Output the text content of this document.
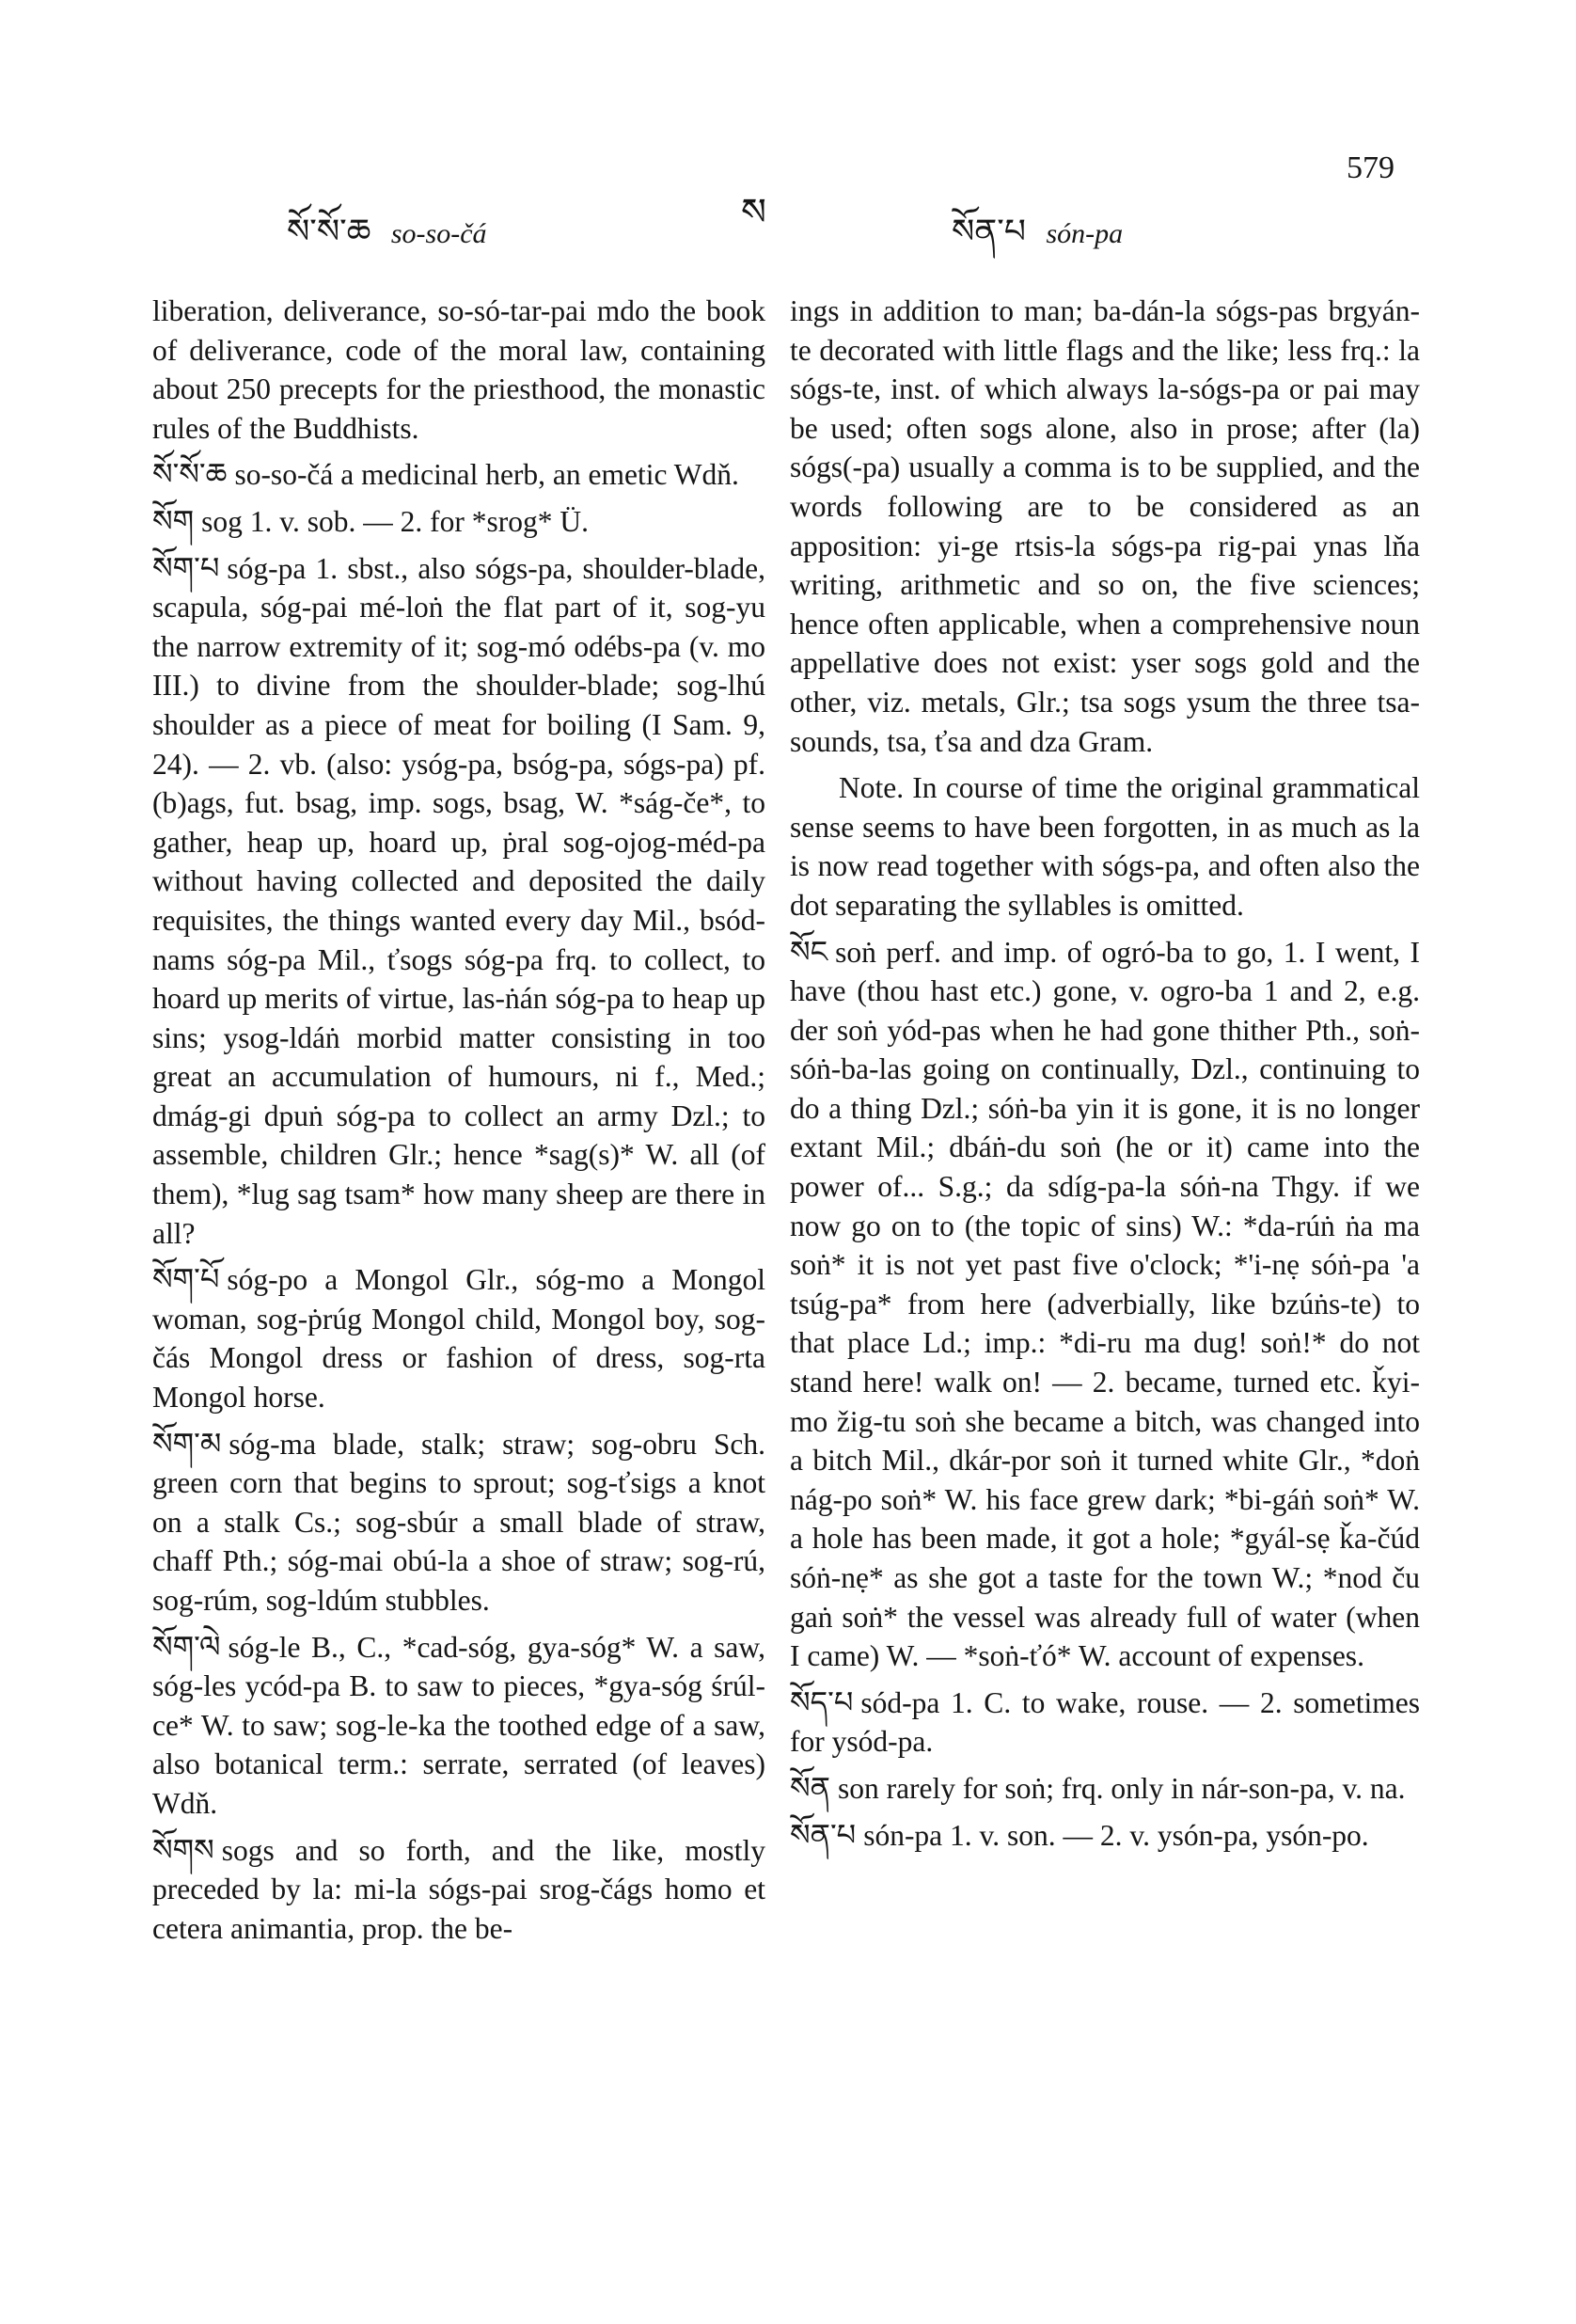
སོ་སོ་ཆ so-so-čá	ས	སོན་པ són-pa
579

liberation, deliverance, so-só-tar-pai mdo the book of deliverance, code of the moral law, containing about 250 precepts for the priesthood, the monastic rules of the Buddhists.

སོ་སོ་ཆ so-so-čá a medicinal herb, an emetic Wdň.

སོག sog 1. v. sob. — 2. for *srog* Ü.

སོག་པ sóg-pa 1. sbst., also sógs-pa, shoulder-blade, scapula, sóg-pai mé-loṅ the flat part of it, sog-yu the narrow extremity of it; sog-mó odébs-pa (v. mo III.) to divine from the shoulder-blade; sog-lhú shoulder as a piece of meat for boiling (I Sam. 9, 24). — 2. vb. (also: ysóg-pa, bsóg-pa, sógs-pa) pf. (b)ags, fut. bsag, imp. sogs, bsag, W. *ság-če*, to gather, heap up, hoard up, ṗral sog-ojog-méd-pa without having collected and deposited the daily requisites, the things wanted every day Mil., bsód-nams sóg-pa Mil., ťsogs sóg-pa frq. to collect, to hoard up merits of virtue, las-ṅán sóg-pa to heap up sins; ysog-ldáṅ morbid matter consisting in too great an accumulation of humours, ni f., Med.; dmág-gi dpuṅ sóg-pa to collect an army Dzl.; to assemble, children Glr.; hence *sag(s)* W. all (of them), *lug sag tsam* how many sheep are there in all?

སོག་པོ sóg-po a Mongol Glr., sóg-mo a Mongol woman, sog-ṗrúg Mongol child, Mongol boy, sog-čás Mongol dress or fashion of dress, sog-rta Mongol horse.

སོག་མ sóg-ma blade, stalk; straw; sog-obru Sch. green corn that begins to sprout; sog-ťsigs a knot on a stalk Cs.; sog-sbúr a small blade of straw, chaff Pth.; sóg-mai obú-la a shoe of straw; sog-rú, sog-rúm, sog-ldúm stubbles.

སོག་ལེ sóg-le B., C., *cad-sóg, gya-sóg* W. a saw, sóg-les ycód-pa B. to saw to pieces, *gya-sóg śrúl-ce* W. to saw; sog-le-ka the toothed edge of a saw, also botanical term.: serrate, serrated (of leaves) Wdň.

སོགས sogs and so forth, and the like, mostly preceded by la: mi-la sógs-pai srog-čágs homo et cetera animantia, prop. the be-

ings in addition to man; ba-dán-la sógs-pas brgyán-te decorated with little flags and the like; less frq.: la sógs-te, inst. of which always la-sógs-pa or pai may be used; often sogs alone, also in prose; after (la) sógs(-pa) usually a comma is to be supplied, and the words following are to be considered as an apposition: yi-ge rtsis-la sógs-pa rig-pai ynas lňa writing, arithmetic and so on, the five sciences; hence often applicable, when a comprehensive noun appellative does not exist: yser sogs gold and the other, viz. metals, Glr.; tsa sogs ysum the three tsa-sounds, tsa, ťsa and dza Gram.

Note. In course of time the original grammatical sense seems to have been forgotten, in as much as la is now read together with sógs-pa, and often also the dot separating the syllables is omitted.

སོང soṅ perf. and imp. of ogró-ba to go, 1. I went, I have (thou hast etc.) gone, v. ogro-ba 1 and 2, e.g. der soṅ yód-pas when he had gone thither Pth., soṅ-sóṅ-ba-las going on continually, Dzl., continuing to do a thing Dzl.; sóṅ-ba yin it is gone, it is no longer extant Mil.; dbáṅ-du soṅ (he or it) came into the power of... S.g.; da sdíg-pa-la sóṅ-na Thgy. if we now go on to (the topic of sins) W.: *da-rúṅ ṅa ma soṅ* it is not yet past five o'clock; *'i-nẹ sóṅ-pa 'a tsúg-pa* from here (adverbially, like bzúṅs-te) to that place Ld.; imp.: *di-ru ma dug! soṅ!* do not stand here! walk on! — 2. became, turned etc. ǩyi-mo žig-tu soṅ she became a bitch, was changed into a bitch Mil., dkár-por soṅ it turned white Glr., *doṅ nág-po soṅ* W. his face grew dark; *bi-gáṅ soṅ* W. a hole has been made, it got a hole; *gyál-sẹ ǩa-čúd sóṅ-nẹ* as she got a taste for the town W.; *nod ču gaṅ soṅ* the vessel was already full of water (when I came) W. — *soṅ-ťó* W. account of expenses.

སོད་པ sód-pa 1. C. to wake, rouse. — 2. sometimes for ysód-pa.

སོན son rarely for soṅ; frq. only in nár-son-pa, v. na.

སོན་པ són-pa 1. v. son. — 2. v. ysón-pa, ysón-po.
